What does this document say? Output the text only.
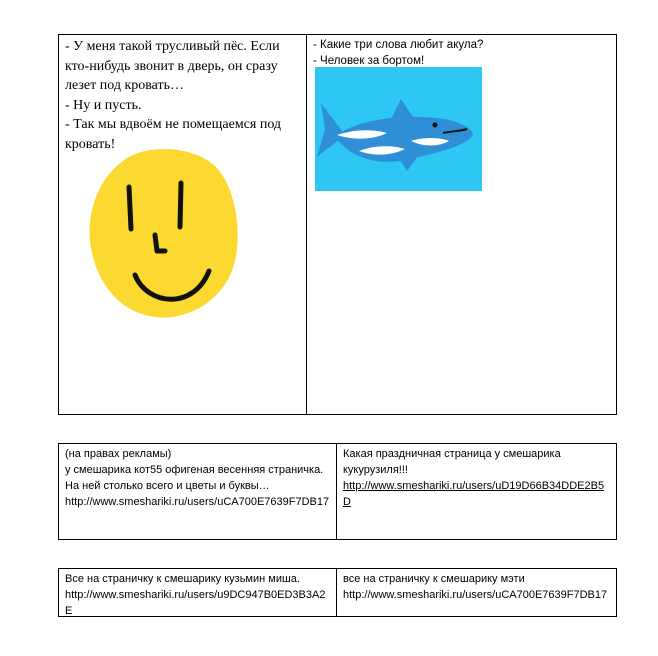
- У меня такой трусливый пёс. Если кто-нибудь звонит в дверь, он сразу лезет под кровать…

- Ну и пусть.

- Так мы вдвоём не помещаемся под кровать!

- Какие три слова любит акула?

- Человек за бортом!

(на правах рекламы)

у смешарика кот55 офигеная весенняя страничка. На ней столько всего и цветы и буквы…

http://www.smeshariki.ru/users/uCA700E7639F7DB17

Какая праздничная страница у смешарика кукурузиля!!!

http://www.smeshariki.ru/users/uD19D66B34DDE2B5D

Все на страничку к смешарику кузьмин миша.

http://www.smeshariki.ru/users/u9DC947B0ED3B3A2E

все на страничку к смешарику мэти

http://www.smeshariki.ru/users/uCA700E7639F7DB17
